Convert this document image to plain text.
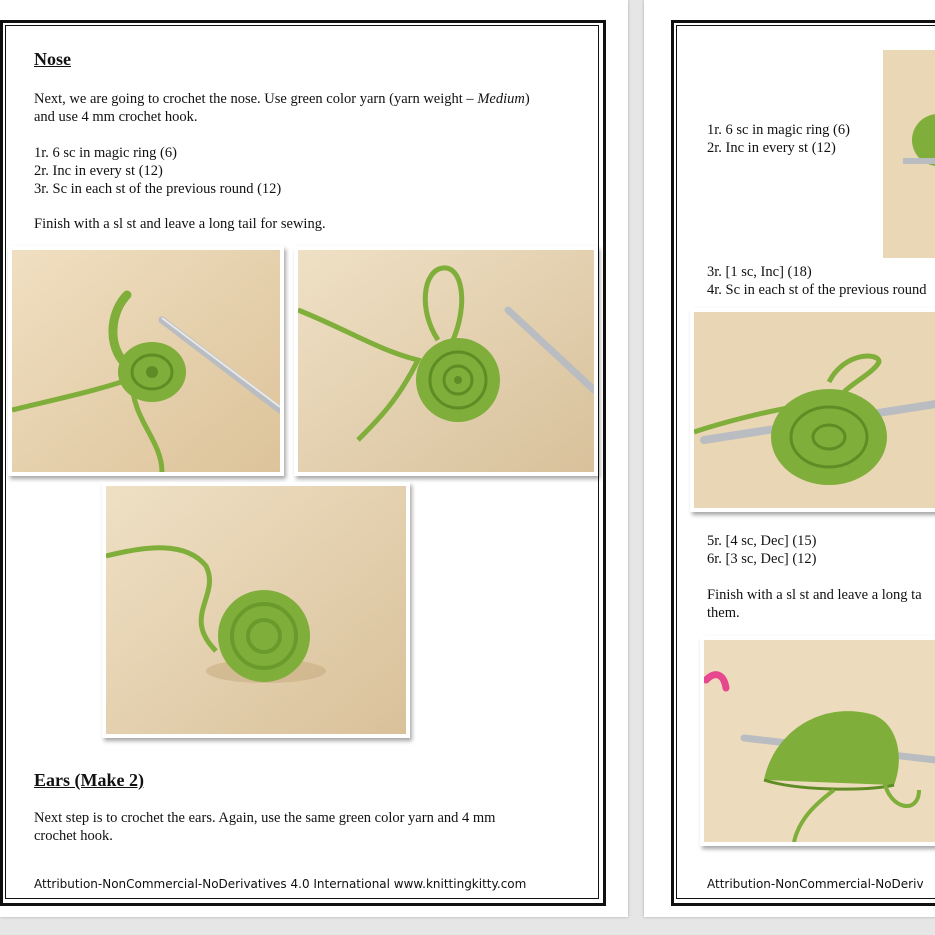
Nose
Next, we are going to crochet the nose. Use green color yarn (yarn weight – Medium)
and use 4 mm crochet hook.
1r. 6 sc in magic ring (6)
2r. Inc in every st (12)
3r. Sc in each st of the previous round (12)
Finish with a sl st and leave a long tail for sewing.
Ears (Make 2)
Next step is to crochet the ears. Again, use the same green color yarn and 4 mm
crochet hook.
Attribution-NonCommercial-NoDerivatives 4.0 International www.knittingkitty.com
1r. 6 sc in magic ring (6)
2r. Inc in every st (12)
3r. [1 sc, Inc] (18)
4r. Sc in each st of the previous round
5r. [4 sc, Dec] (15)
6r. [3 sc, Dec] (12)
Finish with a sl st and leave a long ta
them.
Attribution-NonCommercial-NoDeriv
